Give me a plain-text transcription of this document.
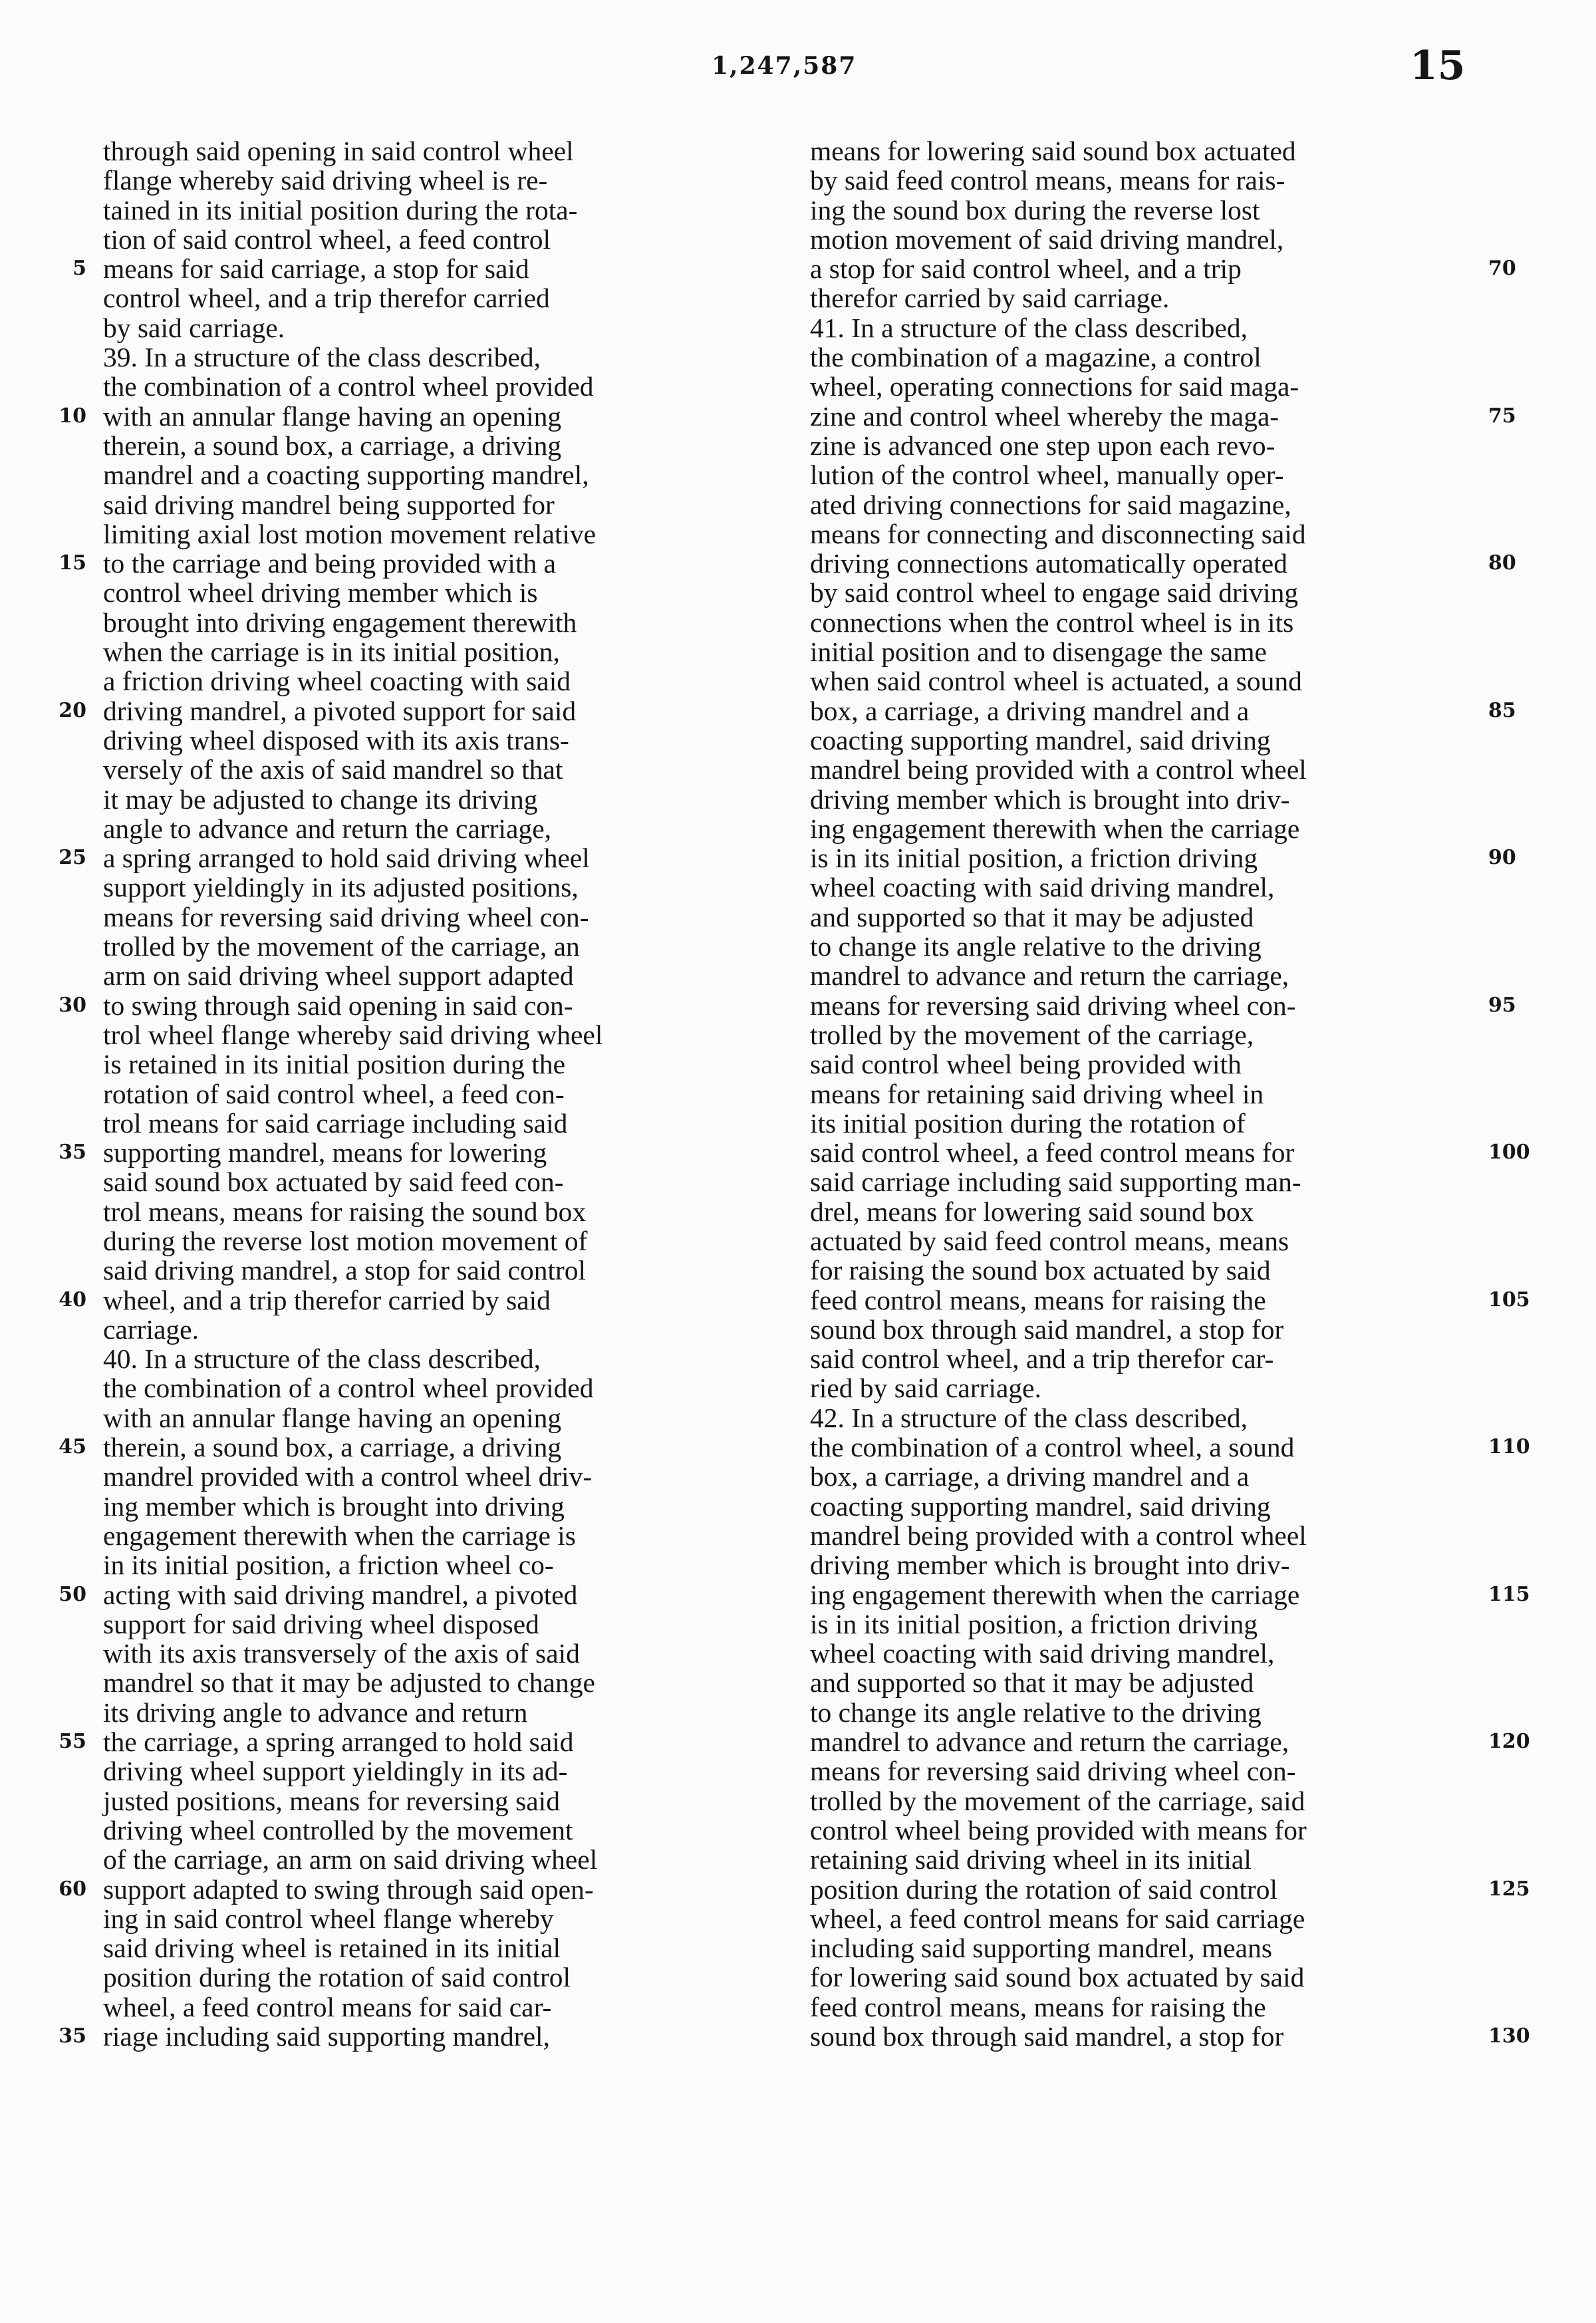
1,247,587	15
5
10
15
20
25
30
35
40
45
50
55
60
35
through said opening in said control wheel
flange whereby said driving wheel is re-
tained in its initial position during the rota-
tion of said control wheel, a feed control
means for said carriage, a stop for said
control wheel, and a trip therefor carried
by said carriage.
39. In a structure of the class described,
the combination of a control wheel provided
with an annular flange having an opening
therein, a sound box, a carriage, a driving
mandrel and a coacting supporting mandrel,
said driving mandrel being supported for
limiting axial lost motion movement relative
to the carriage and being provided with a
control wheel driving member which is
brought into driving engagement therewith
when the carriage is in its initial position,
a friction driving wheel coacting with said
driving mandrel, a pivoted support for said
driving wheel disposed with its axis trans-
versely of the axis of said mandrel so that
it may be adjusted to change its driving
angle to advance and return the carriage,
a spring arranged to hold said driving wheel
support yieldingly in its adjusted positions,
means for reversing said driving wheel con-
trolled by the movement of the carriage, an
arm on said driving wheel support adapted
to swing through said opening in said con-
trol wheel flange whereby said driving wheel
is retained in its initial position during the
rotation of said control wheel, a feed con-
trol means for said carriage including said
supporting mandrel, means for lowering
said sound box actuated by said feed con-
trol means, means for raising the sound box
during the reverse lost motion movement of
said driving mandrel, a stop for said control
wheel, and a trip therefor carried by said
carriage.
40. In a structure of the class described,
the combination of a control wheel provided
with an annular flange having an opening
therein, a sound box, a carriage, a driving
mandrel provided with a control wheel driv-
ing member which is brought into driving
engagement therewith when the carriage is
in its initial position, a friction wheel co-
acting with said driving mandrel, a pivoted
support for said driving wheel disposed
with its axis transversely of the axis of said
mandrel so that it may be adjusted to change
its driving angle to advance and return
the carriage, a spring arranged to hold said
driving wheel support yieldingly in its ad-
justed positions, means for reversing said
driving wheel controlled by the movement
of the carriage, an arm on said driving wheel
support adapted to swing through said open-
ing in said control wheel flange whereby
said driving wheel is retained in its initial
position during the rotation of said control
wheel, a feed control means for said car-
riage including said supporting mandrel,
means for lowering said sound box actuated
by said feed control means, means for rais-
ing the sound box during the reverse lost
motion movement of said driving mandrel,
a stop for said control wheel, and a trip
therefor carried by said carriage.
41. In a structure of the class described,
the combination of a magazine, a control
wheel, operating connections for said maga-
zine and control wheel whereby the maga-
zine is advanced one step upon each revo-
lution of the control wheel, manually oper-
ated driving connections for said magazine,
means for connecting and disconnecting said
driving connections automatically operated
by said control wheel to engage said driving
connections when the control wheel is in its
initial position and to disengage the same
when said control wheel is actuated, a sound
box, a carriage, a driving mandrel and a
coacting supporting mandrel, said driving
mandrel being provided with a control wheel
driving member which is brought into driv-
ing engagement therewith when the carriage
is in its initial position, a friction driving
wheel coacting with said driving mandrel,
and supported so that it may be adjusted
to change its angle relative to the driving
mandrel to advance and return the carriage,
means for reversing said driving wheel con-
trolled by the movement of the carriage,
said control wheel being provided with
means for retaining said driving wheel in
its initial position during the rotation of
said control wheel, a feed control means for
said carriage including said supporting man-
drel, means for lowering said sound box
actuated by said feed control means, means
for raising the sound box actuated by said
feed control means, means for raising the
sound box through said mandrel, a stop for
said control wheel, and a trip therefor car-
ried by said carriage.
42. In a structure of the class described,
the combination of a control wheel, a sound
box, a carriage, a driving mandrel and a
coacting supporting mandrel, said driving
mandrel being provided with a control wheel
driving member which is brought into driv-
ing engagement therewith when the carriage
is in its initial position, a friction driving
wheel coacting with said driving mandrel,
and supported so that it may be adjusted
to change its angle relative to the driving
mandrel to advance and return the carriage,
means for reversing said driving wheel con-
trolled by the movement of the carriage, said
control wheel being provided with means for
retaining said driving wheel in its initial
position during the rotation of said control
wheel, a feed control means for said carriage
including said supporting mandrel, means
for lowering said sound box actuated by said
feed control means, means for raising the
sound box through said mandrel, a stop for
70
75
80
85
90
95
100
105
110
115
120
125
130
